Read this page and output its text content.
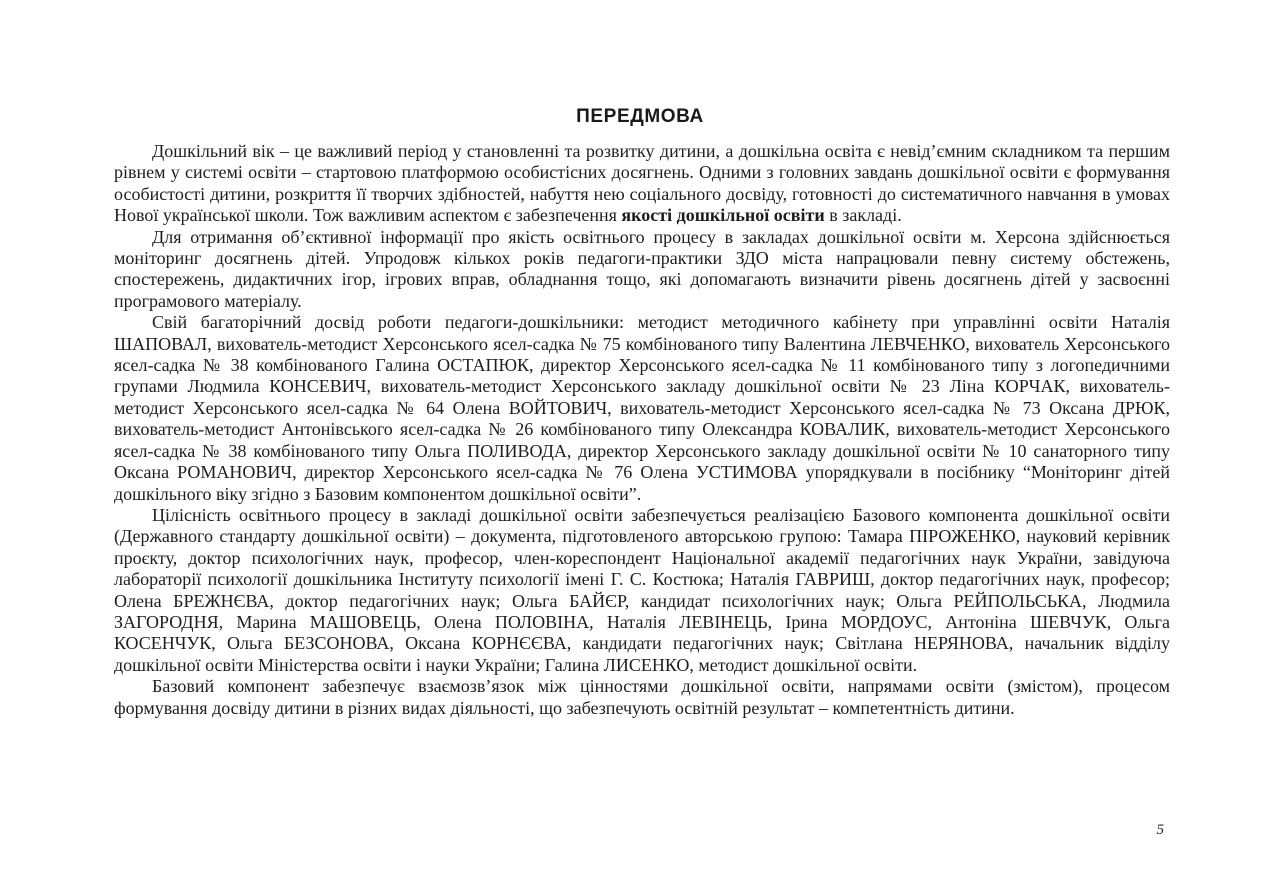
ПЕРЕДМОВА

Дошкільний вік – це важливий період у становленні та розвитку дитини, а дошкільна освіта є невід’ємним складником та першим рівнем у системі освіти – стартовою платформою особистісних досягнень. Одними з головних завдань дошкільної освіти є формування особистості дитини, розкриття її творчих здібностей, набуття нею соціального досвіду, готовності до систематичного навчання в умовах Нової української школи. Тож важливим аспектом є забезпечення якості дошкільної освіти в закладі.

Для отримання об’єктивної інформації про якість освітнього процесу в закладах дошкільної освіти м. Херсона здійснюється моніторинг досягнень дітей. Упродовж кількох років педагоги-практики ЗДО міста напрацювали певну систему обстежень, спостережень, дидактичних ігор, ігрових вправ, обладнання тощо, які допомагають визначити рівень досягнень дітей у засвоєнні програмового матеріалу.

Свій багаторічний досвід роботи педагоги-дошкільники: методист методичного кабінету при управлінні освіти Наталія ШАПОВАЛ, вихователь-методист Херсонського ясел-садка № 75 комбінованого типу Валентина ЛЕВЧЕНКО, вихователь Херсонського ясел-садка № 38 комбінованого Галина ОСТАПЮК, директор Херсонського ясел-садка № 11 комбінованого типу з логопедичними групами Людмила КОНСЕВИЧ, вихователь-методист Херсонського закладу дошкільної освіти № 23 Ліна КОРЧАК, вихователь-методист Херсонського ясел-садка № 64 Олена ВОЙТОВИЧ, вихователь-методист Херсонського ясел-садка № 73 Оксана ДРЮК, вихователь-методист Антонівського ясел-садка № 26 комбінованого типу Олександра КОВАЛИК, вихователь-методист Херсонського ясел-садка № 38 комбінованого типу Ольга ПОЛИВОДА, директор Херсонського закладу дошкільної освіти № 10 санаторного типу Оксана РОМАНОВИЧ, директор Херсонського ясел-садка № 76 Олена УСТИМОВА упорядкували в посібнику “Моніторинг дітей дошкільного віку згідно з Базовим компонентом дошкільної освіти”.

Цілісність освітнього процесу в закладі дошкільної освіти забезпечується реалізацією Базового компонента дошкільної освіти (Державного стандарту дошкільної освіти) – документа, підготовленого авторською групою: Тамара ПІРОЖЕНКО, науковий керівник проєкту, доктор психологічних наук, професор, член-кореспондент Національної академії педагогічних наук України, завідуюча лабораторії психології дошкільника Інституту психології імені Г. С. Костюка; Наталія ГАВРИШ, доктор педагогічних наук, професор; Олена БРЕЖНЄВА, доктор педагогічних наук; Ольга БАЙЄР, кандидат психологічних наук; Ольга РЕЙПОЛЬСЬКА, Людмила ЗАГОРОДНЯ, Марина МАШОВЕЦЬ, Олена ПОЛОВІНА, Наталія ЛЕВІНЕЦЬ, Ірина МОРДОУС, Антоніна ШЕВЧУК, Ольга КОСЕНЧУК, Ольга БЕЗСОНОВА, Оксана КОРНЄЄВА, кандидати педагогічних наук; Світлана НЕРЯНОВА, начальник відділу дошкільної освіти Міністерства освіти і науки України; Галина ЛИСЕНКО, методист дошкільної освіти.

Базовий компонент забезпечує взаємозв’язок між цінностями дошкільної освіти, напрямами освіти (змістом), процесом формування досвіду дитини в різних видах діяльності, що забезпечують освітній результат – компетентність дитини.

5
